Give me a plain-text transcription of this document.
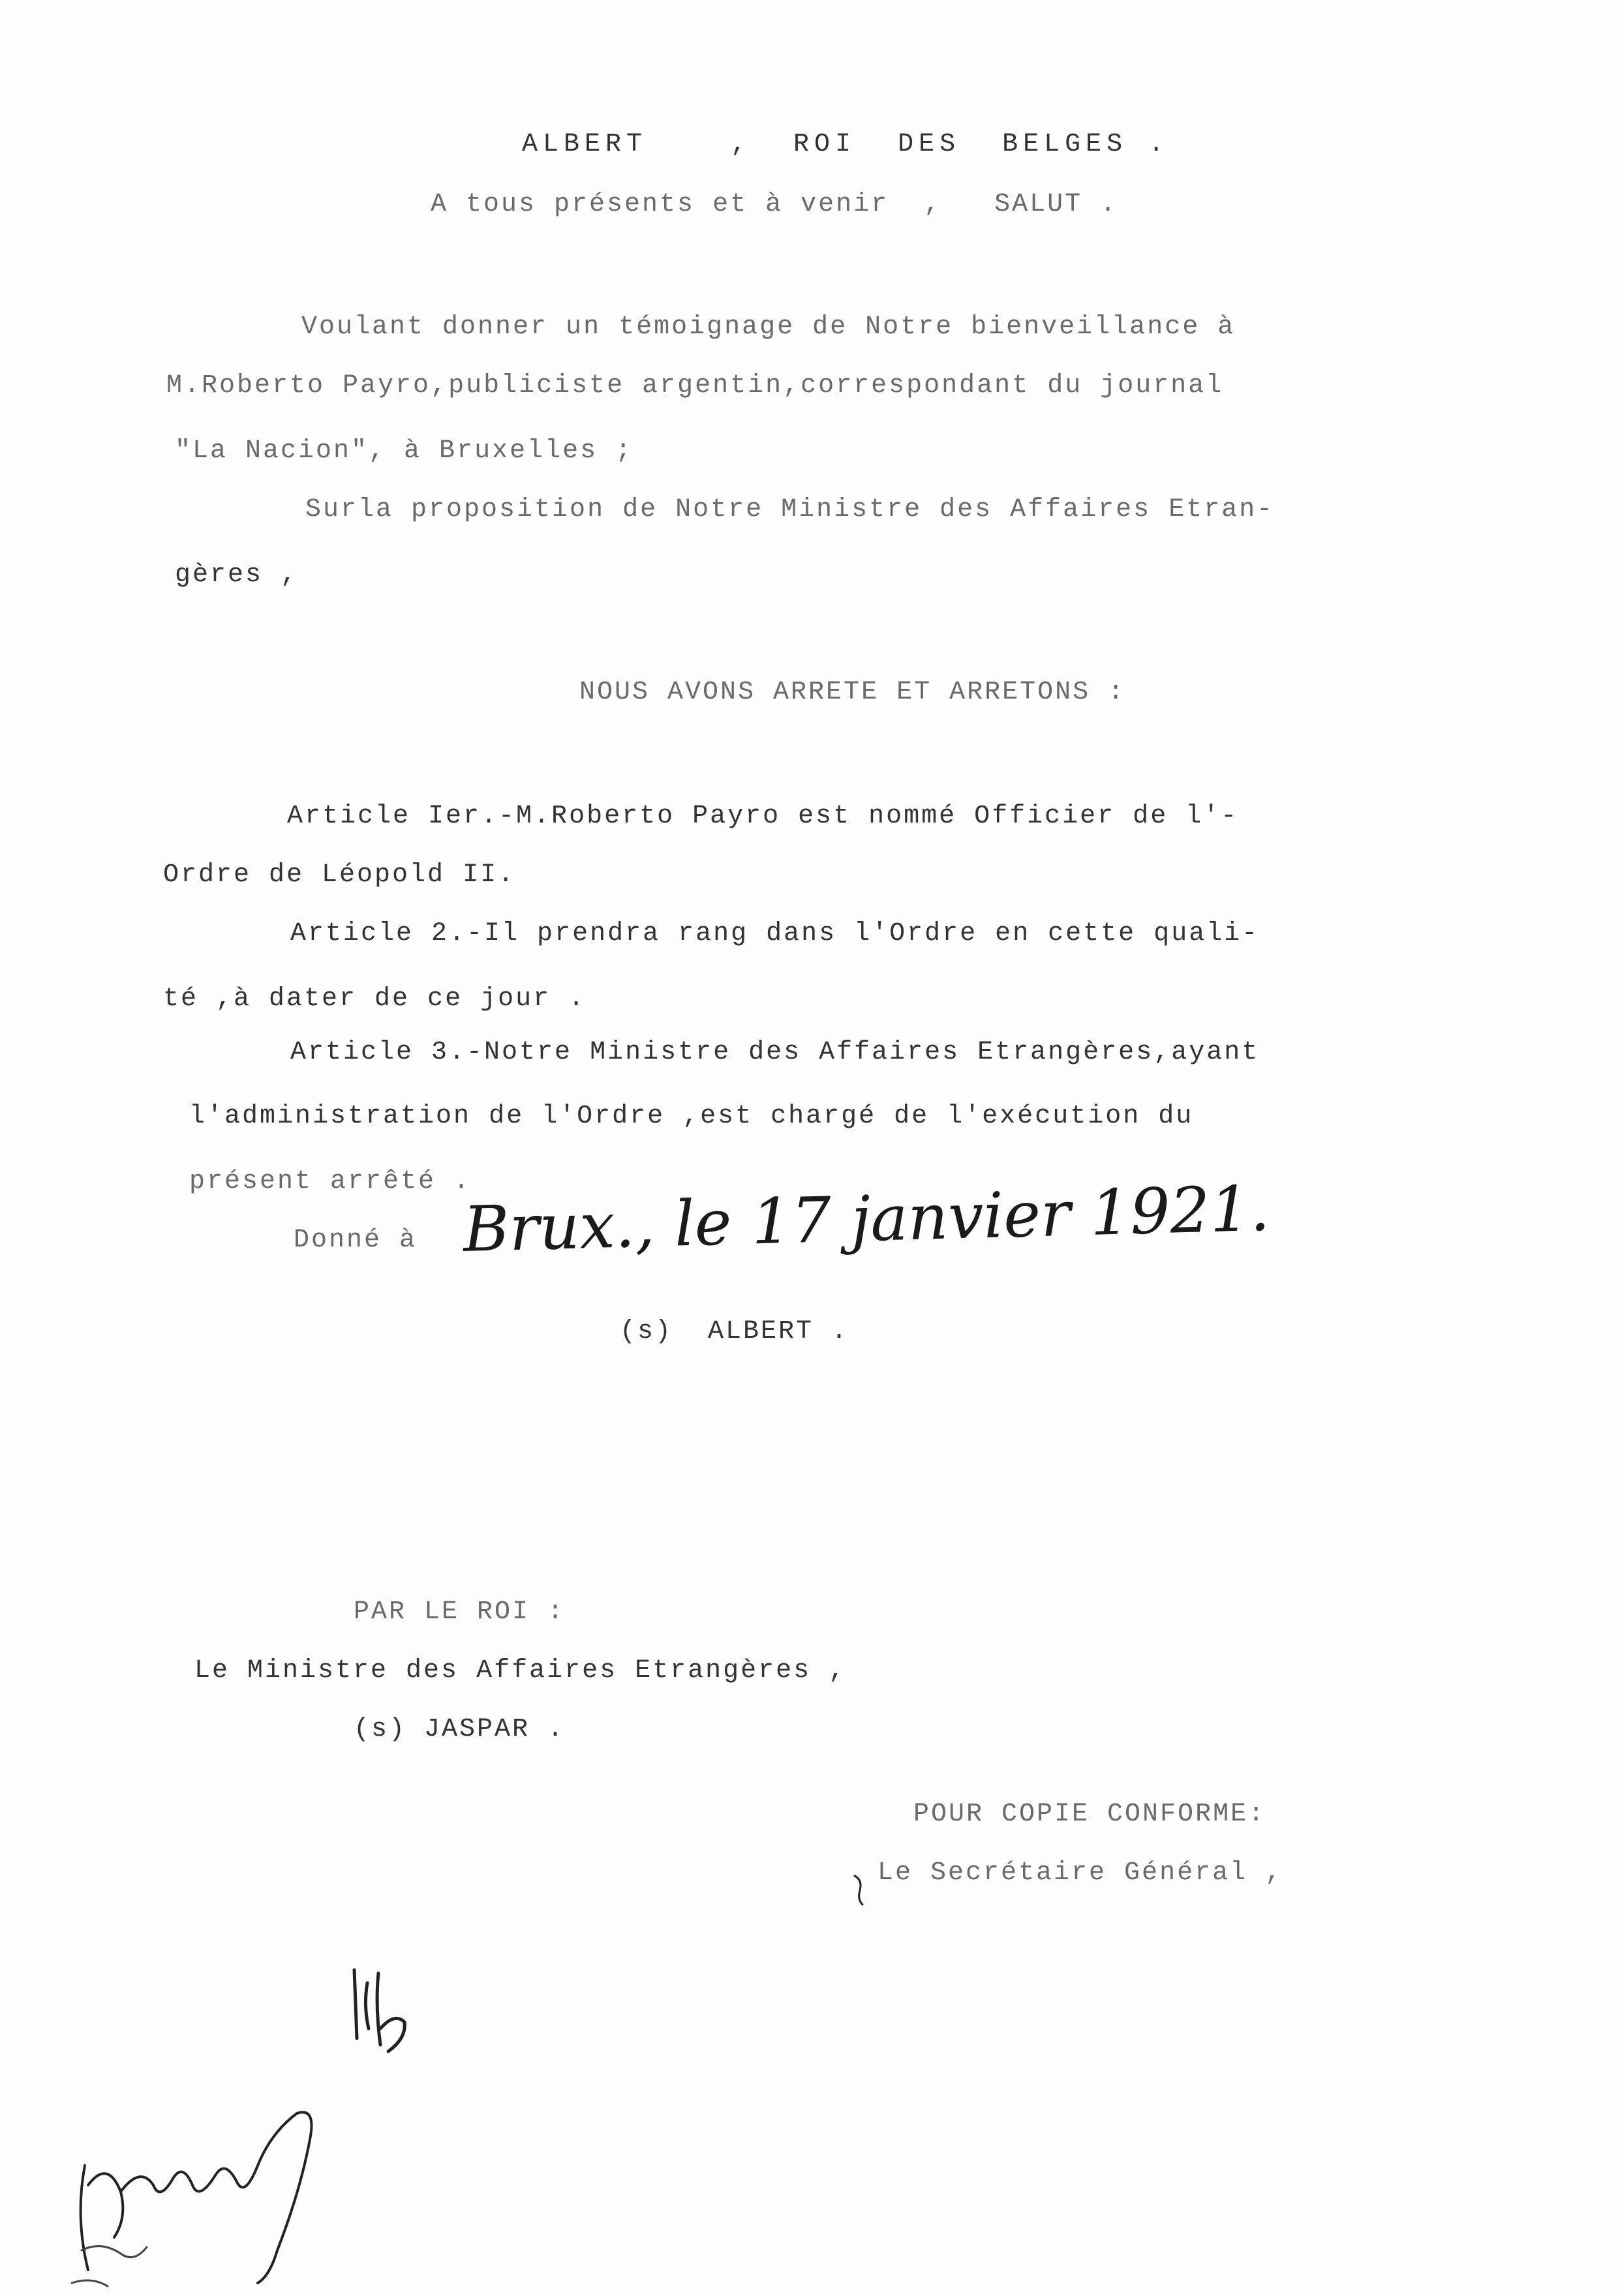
ALBERT    ,  ROI  DES  BELGES .
A tous présents et à venir  ,   SALUT .
Voulant donner un témoignage de Notre bienveillance à
M.Roberto Payro,publiciste argentin,correspondant du journal
"La Nacion", à Bruxelles ;
Surla proposition de Notre Ministre des Affaires Etran-
gères ,
NOUS AVONS ARRETE ET ARRETONS :
Article Ier.-M.Roberto Payro est nommé Officier de l'-
Ordre de Léopold II.
Article 2.-Il prendra rang dans l'Ordre en cette quali-
té ,à dater de ce jour .
Article 3.-Notre Ministre des Affaires Etrangères,ayant
l'administration de l'Ordre ,est chargé de l'exécution du
présent arrêté .
Donné à Brux., le 17 janvier 1921.
(s)  ALBERT .
PAR LE ROI :
Le Ministre des Affaires Etrangères ,
(s) JASPAR .
POUR COPIE CONFORME:
Le Secrétaire Général ,
